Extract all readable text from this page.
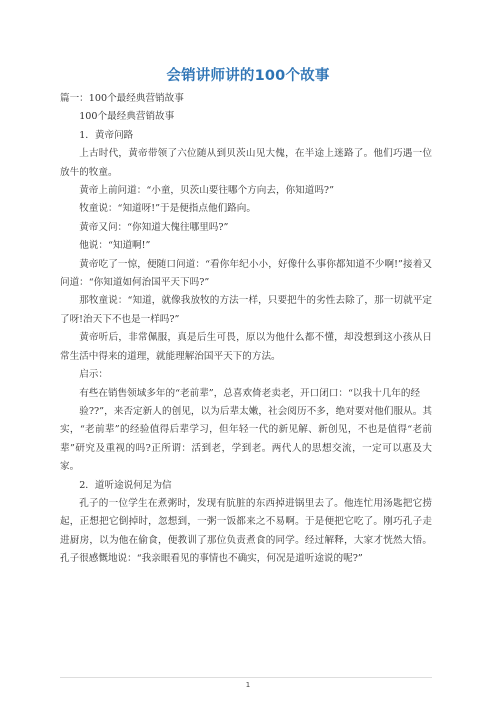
会销讲师讲的100个故事

篇一：100个最经典营销故事

100个最经典营销故事

1．黄帝问路

上古时代，黄帝带领了六位随从到贝茨山见大傀，在半途上迷路了。他们巧遇一位放牛的牧童。

黄帝上前问道：“小童，贝茨山要往哪个方向去，你知道吗?”

牧童说：“知道呀!”于是便指点他们路向。

黄帝又问：“你知道大傀往哪里吗?”

他说：“知道啊!”

黄帝吃了一惊，便随口问道：“看你年纪小小，好像什么事你都知道不少啊!”接着又问道：“你知道如何治国平天下吗?”

那牧童说：“知道，就像我放牧的方法一样，只要把牛的劣性去除了，那一切就平定了呀!治天下不也是一样吗?”

黄帝听后，非常佩服，真是后生可畏，原以为他什么都不懂，却没想到这小孩从日常生活中得来的道理，就能理解治国平天下的方法。

启示：

有些在销售领域多年的“老前辈”，总喜欢倚老卖老，开口闭口：“以我十几年的经

验??”，来否定新人的创见，以为后辈太嫩，社会阅历不多，绝对要对他们服从。其实，“老前辈”的经验值得后辈学习，但年轻一代的新见解、新创见，不也是值得“老前辈”研究及重视的吗?正所谓：活到老，学到老。两代人的思想交流，一定可以惠及大家。

2．道听途说何足为信

孔子的一位学生在煮粥时，发现有肮脏的东西掉进锅里去了。他连忙用汤匙把它捞起，正想把它倒掉时，忽想到，一粥一饭都来之不易啊。于是便把它吃了。刚巧孔子走进厨房，以为他在偷食，便教训了那位负责煮食的同学。经过解释，大家才恍然大悟。孔子很感慨地说：“我亲眼看见的事情也不确实，何况是道听途说的呢?”

1
